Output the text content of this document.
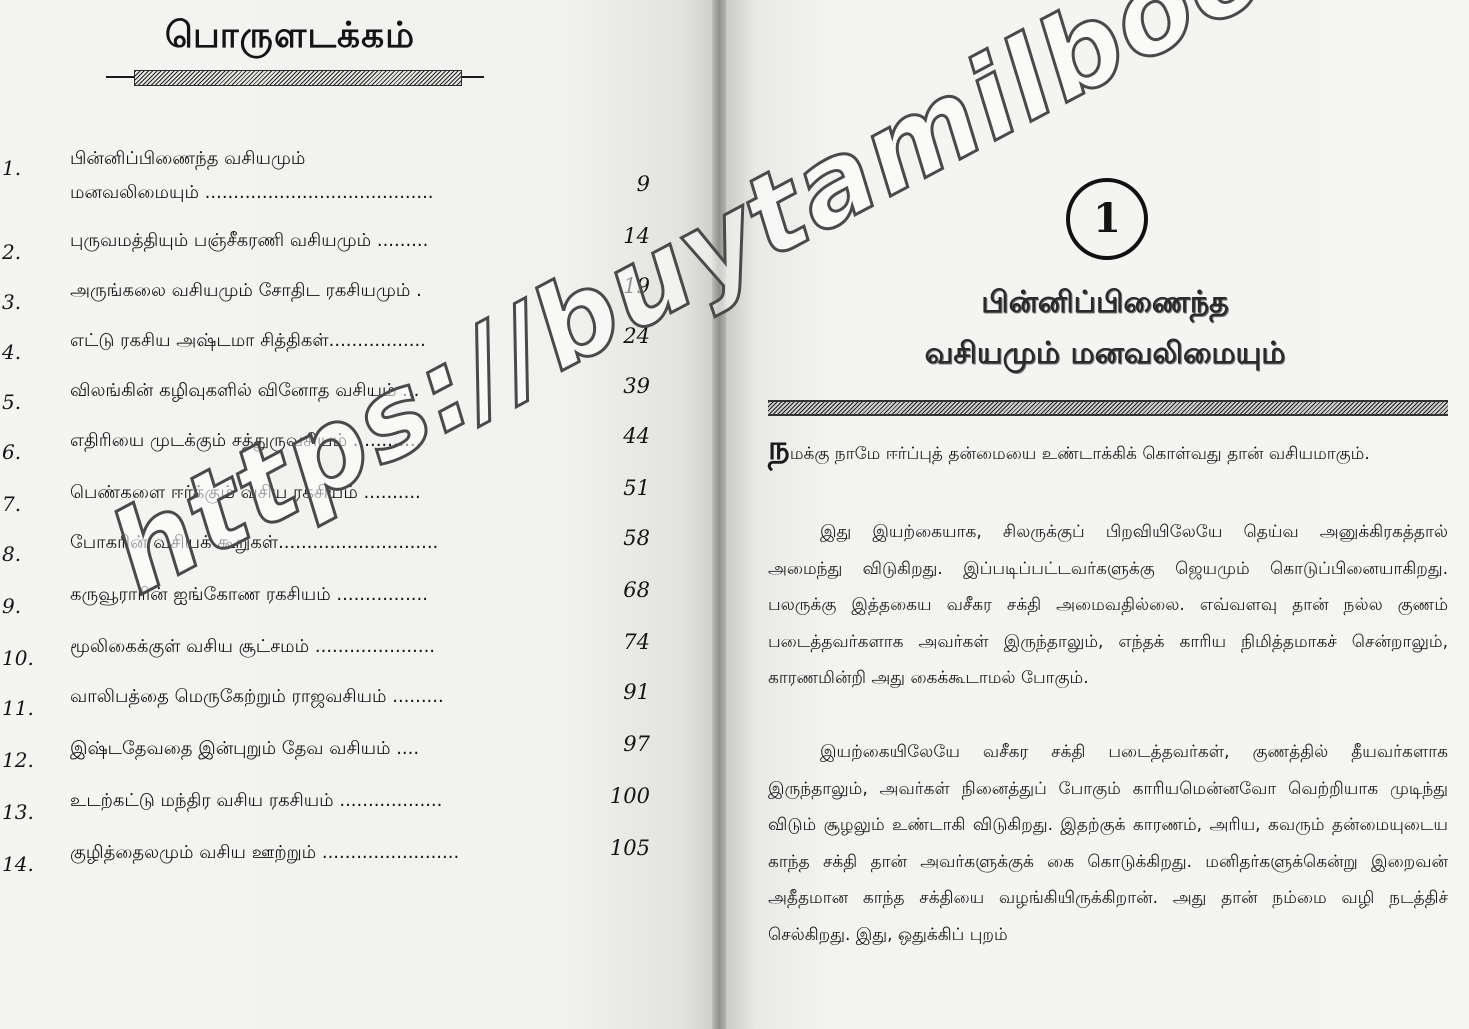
பொருளடக்கம்
1.	பின்னிப்பிணைந்த வசியமும்
மனவலிமையும் ........................................	9
2.	புருவமத்தியும் பஞ்சீகரணி வசியமும் .........	14
3.	அருங்கலை வசியமும் சோதிட ரகசியமும் .	19
4.	எட்டு ரகசிய அஷ்டமா சித்திகள்.................	24
5.	விலங்கின் கழிவுகளில் வினோத வசியம் ...	39
6.	எதிரியை முடக்கும் சத்துருவசியம் ............	44
7.	பெண்களை ஈர்க்கும் வசிய ரகசியம் ..........	51
8.	போகரின் வசியக் கூறுகள்............................	58
9.	கருவூராரின் ஐங்கோண ரகசியம் ................	68
10. மூலிகைக்குள் வசிய சூட்சமம் .....................	74
11. வாலிபத்தை மெருகேற்றும் ராஜவசியம் .........	91
12. இஷ்டதேவதை இன்புறும் தேவ வசியம் ....	97
13. உடற்கட்டு மந்திர வசிய ரகசியம் ..................	100
14. குழித்தைலமும் வசிய ஊற்றும் ........................	105
1
பின்னிப்பிணைந்த
வசியமும் மனவலிமையும்
நமக்கு நாமே ஈர்ப்புத் தன்மையை உண்டாக்கிக் கொள்வது தான் வசியமாகும்.
இது இயற்கையாக, சிலருக்குப் பிறவியிலேயே தெய்வ அனுக்கிரகத்தால் அமைந்து விடுகிறது. இப்படிப்பட்டவர்களுக்கு ஜெயமும் கொடுப்பினையாகிறது. பலருக்கு இத்தகைய வசீகர சக்தி அமைவதில்லை. எவ்வளவு தான் நல்ல குணம் படைத்தவர்களாக அவர்கள் இருந்தாலும், எந்தக் காரிய நிமித்தமாகச் சென்றாலும், காரணமின்றி அது கைக்கூடாமல் போகும்.
இயற்கையிலேயே வசீகர சக்தி படைத்தவர்கள், குணத்தில் தீயவர்களாக இருந்தாலும், அவர்கள் நினைத்துப் போகும் காரியமென்னவோ வெற்றியாக முடிந்து விடும் சூழலும் உண்டாகி விடுகிறது. இதற்குக் காரணம், அரிய, கவரும் தன்மையுடைய காந்த சக்தி தான் அவர்களுக்குக் கை கொடுக்கிறது. மனிதர்களுக்கென்று இறைவன் அதீதமான காந்த சக்தியை வழங்கியிருக்கிறான். அது தான் நம்மை வழி நடத்திச் செல்கிறது. இது, ஒதுக்கிப் புறம்
